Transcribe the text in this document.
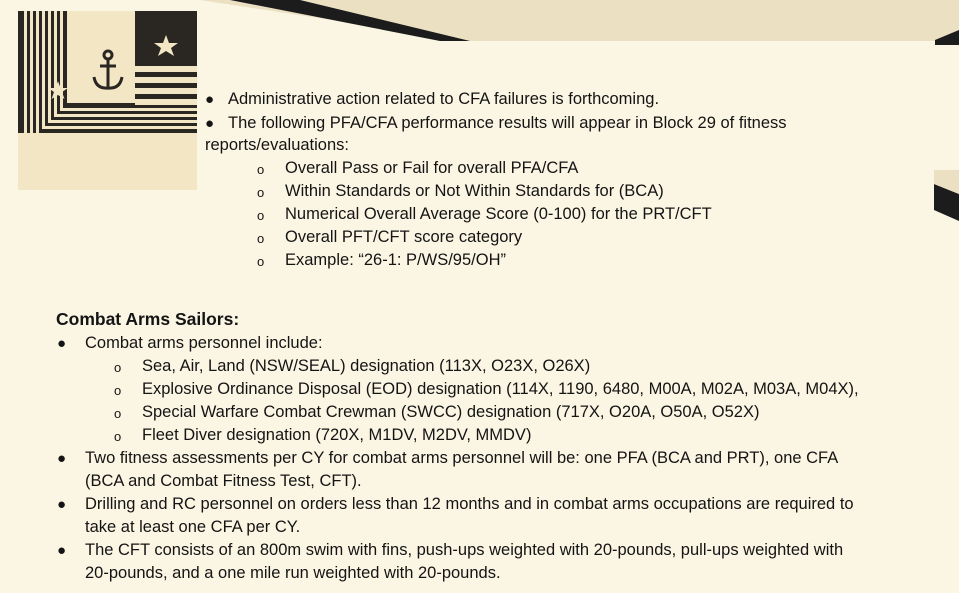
MyNAVYHR
Serving Sailors 24/7
● Administrative action related to CFA failures is forthcoming.
● The following PFA/CFA performance results will appear in Block 29 of fitness
reports/evaluations:
o Overall Pass or Fail for overall PFA/CFA
o Within Standards or Not Within Standards for (BCA)
o Numerical Overall Average Score (0-100) for the PRT/CFT
o Overall PFT/CFT score category
o Example: “26-1: P/WS/95/OH”
Combat Arms Sailors:
● Combat arms personnel include:
o Sea, Air, Land (NSW/SEAL) designation (113X, O23X, O26X)
o Explosive Ordinance Disposal (EOD) designation (114X, 1190, 6480, M00A, M02A, M03A, M04X),
o Special Warfare Combat Crewman (SWCC) designation (717X, O20A, O50A, O52X)
o Fleet Diver designation (720X, M1DV, M2DV, MMDV)
● Two fitness assessments per CY for combat arms personnel will be: one PFA (BCA and PRT), one CFA
(BCA and Combat Fitness Test, CFT).
● Drilling and RC personnel on orders less than 12 months and in combat arms occupations are required to
take at least one CFA per CY.
● The CFT consists of an 800m swim with fins, push-ups weighted with 20-pounds, pull-ups weighted with
20-pounds, and a one mile run weighted with 20-pounds.
